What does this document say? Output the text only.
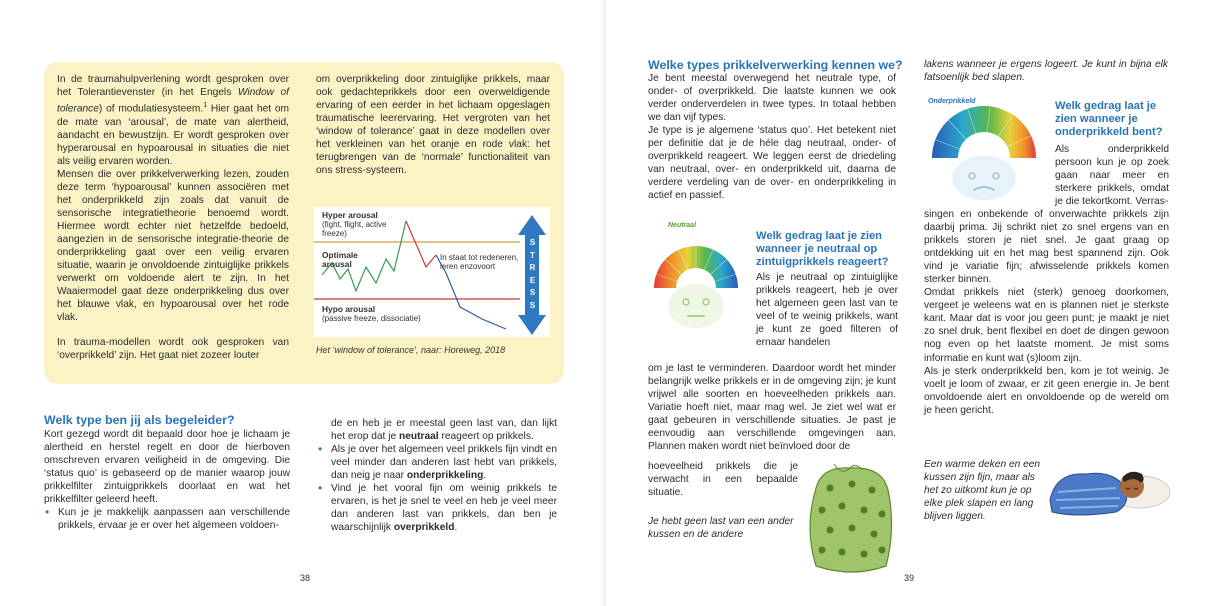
In de traumahulpverlening wordt gesproken over het Tolerantievenster (in het Engels Window of tolerance) of modulatiesysteem.$^1$ Hier gaat het om de mate van ‘arousal’, de mate van alertheid, aandacht en bewustzijn. Er wordt gesproken over hyperarousal en hypoarousal in situaties die niet als veilig ervaren worden.

Mensen die over prikkelverwerking lezen, zouden deze term ‘hypoarousal’ kunnen associëren met het onderprikkeld zijn zoals dat vanuit de sensorische integratietheorie benoemd wordt. Hiermee wordt echter niet hetzelfde bedoeld, aangezien in de sensorische integratie-theorie de onderprikkeling gaat over een veilig ervaren situatie, waarin je onvoldoende zintuiglijke prikkels verwerkt om voldoende alert te zijn. In het Waaiermodel gaat deze onderprikkeling dus over het blauwe vlak, en hypoarousal over het rode vlak.

In trauma-modellen wordt ook gesproken van ‘overprikkeld’ zijn. Het gaat niet zozeer louter

om overprikkeling door zintuiglijke prikkels, maar ook gedachteprikkels door een overweldigende ervaring of een eerder in het lichaam opgeslagen traumatische leerervaring. Het vergroten van het ‘window of tolerance’ gaat in deze modellen over het verkleinen van het oranje en rode vlak: het terugbrengen van de ‘normale’ functionaliteit van ons stress-systeem.

Hyper arousal
(fight, flight, active freeze)
Optimale arousal
In staat tot redeneren, leren enzovoort
Hypo arousal
(passive freeze, dissociatie)
S
T
R
E
S
S
Het ‘window of tolerance’, naar: Horeweg, 2018
Welk type ben jij als begeleider?

Kort gezegd wordt dit bepaald door hoe je lichaam je alertheid en herstel regelt en door de hierboven omschreven ervaren veiligheid in de omgeving. Die ‘status quo’ is gebaseerd op de manier waarop jouw prikkelfilter zintuigprikkels doorlaat en wat het prikkelfilter geleerd heeft.

• Kun je je makkelijk aanpassen aan verschillende prikkels, ervaar je er over het algemeen voldoen-

de en heb je er meestal geen last van, dan lijkt het erop dat je neutraal reageert op prikkels.

• Als je over het algemeen veel prikkels fijn vindt en veel minder dan anderen last hebt van prikkels, dan neig je naar onderprikkeling.
• Vind je het vooral fijn om weinig prikkels te ervaren, is het je snel te veel en heb je veel meer dan anderen last van prikkels, dan ben je waarschijnlijk overprikkeld.
38
Welke types prikkelverwerking kennen we?

Je bent meestal overwegend het neutrale type, of onder- of overprikkeld. Die laatste kunnen we ook verder onderverdelen in twee types. In totaal hebben we dan vijf types.

Je type is je algemene ‘status quo’. Het betekent niet per definitie dat je de héle dag neutraal, onder- of overprikkeld reageert. We leggen eerst de driedeling van neutraal, over- en onderprikkeld uit, daarna de verdere verdeling van de over- en onderprikkeling in actief en passief.

Neutraal
Welk gedrag laat je zien wanneer je neutraal op zintuigprikkels reageert?

Als je neutraal op zintuiglijke prikkels reageert, heb je over het algemeen geen last van te veel of te weinig prikkels, want je kunt ze goed filteren of ernaar handelen

om je last te verminderen. Daardoor wordt het minder belangrijk welke prikkels er in de omgeving zijn; je kunt vrijwel alle soorten en hoeveelheden prikkels aan. Variatie hoeft niet, maar mag wel. Je ziet wel wat er gaat gebeuren in verschillende situaties. Je past je eenvoudig aan verschillende omgevingen aan. Plannen maken wordt niet beïnvloed door de

hoeveelheid prikkels die je verwacht in een bepaalde situatie.

Je hebt geen last van een ander kussen en de andere
lakens wanneer je ergens logeert. Je kunt in bijna elk fatsoenlijk bed slapen.
Onderprikkeld	Welk gedrag laat je zien wanneer je onderprikkeld bent?

Als onderprikkeld persoon kun je op zoek gaan naar meer en sterkere prikkels, omdat je die tekortkomt. Verras-

singen en onbekende of onverwachte prikkels zijn daarbij prima. Jij schrikt niet zo snel ergens van en prikkels storen je niet snel. Je gaat graag op ontdekking uit en het mag best spannend zijn. Ook vind je variatie fijn; afwisselende prikkels komen sterker binnen.

Omdat prikkels niet (sterk) genoeg doorkomen, vergeet je weleens wat en is plannen niet je sterkste kant. Maar dat is voor jou geen punt; je maakt je niet zo snel druk, bent flexibel en doet de dingen gewoon nog even op het laatste moment. Je mist soms informatie en kunt wat (s)loom zijn.

Als je sterk onderprikkeld ben, kom je tot weinig. Je voelt je loom of zwaar, er zit geen energie in. Je bent onvoldoende alert en onvoldoende op de wereld om je heen gericht.

Een warme deken en een kussen zijn fijn, maar als het zo uitkomt kun je op elke plek slapen en lang blijven liggen.
39
